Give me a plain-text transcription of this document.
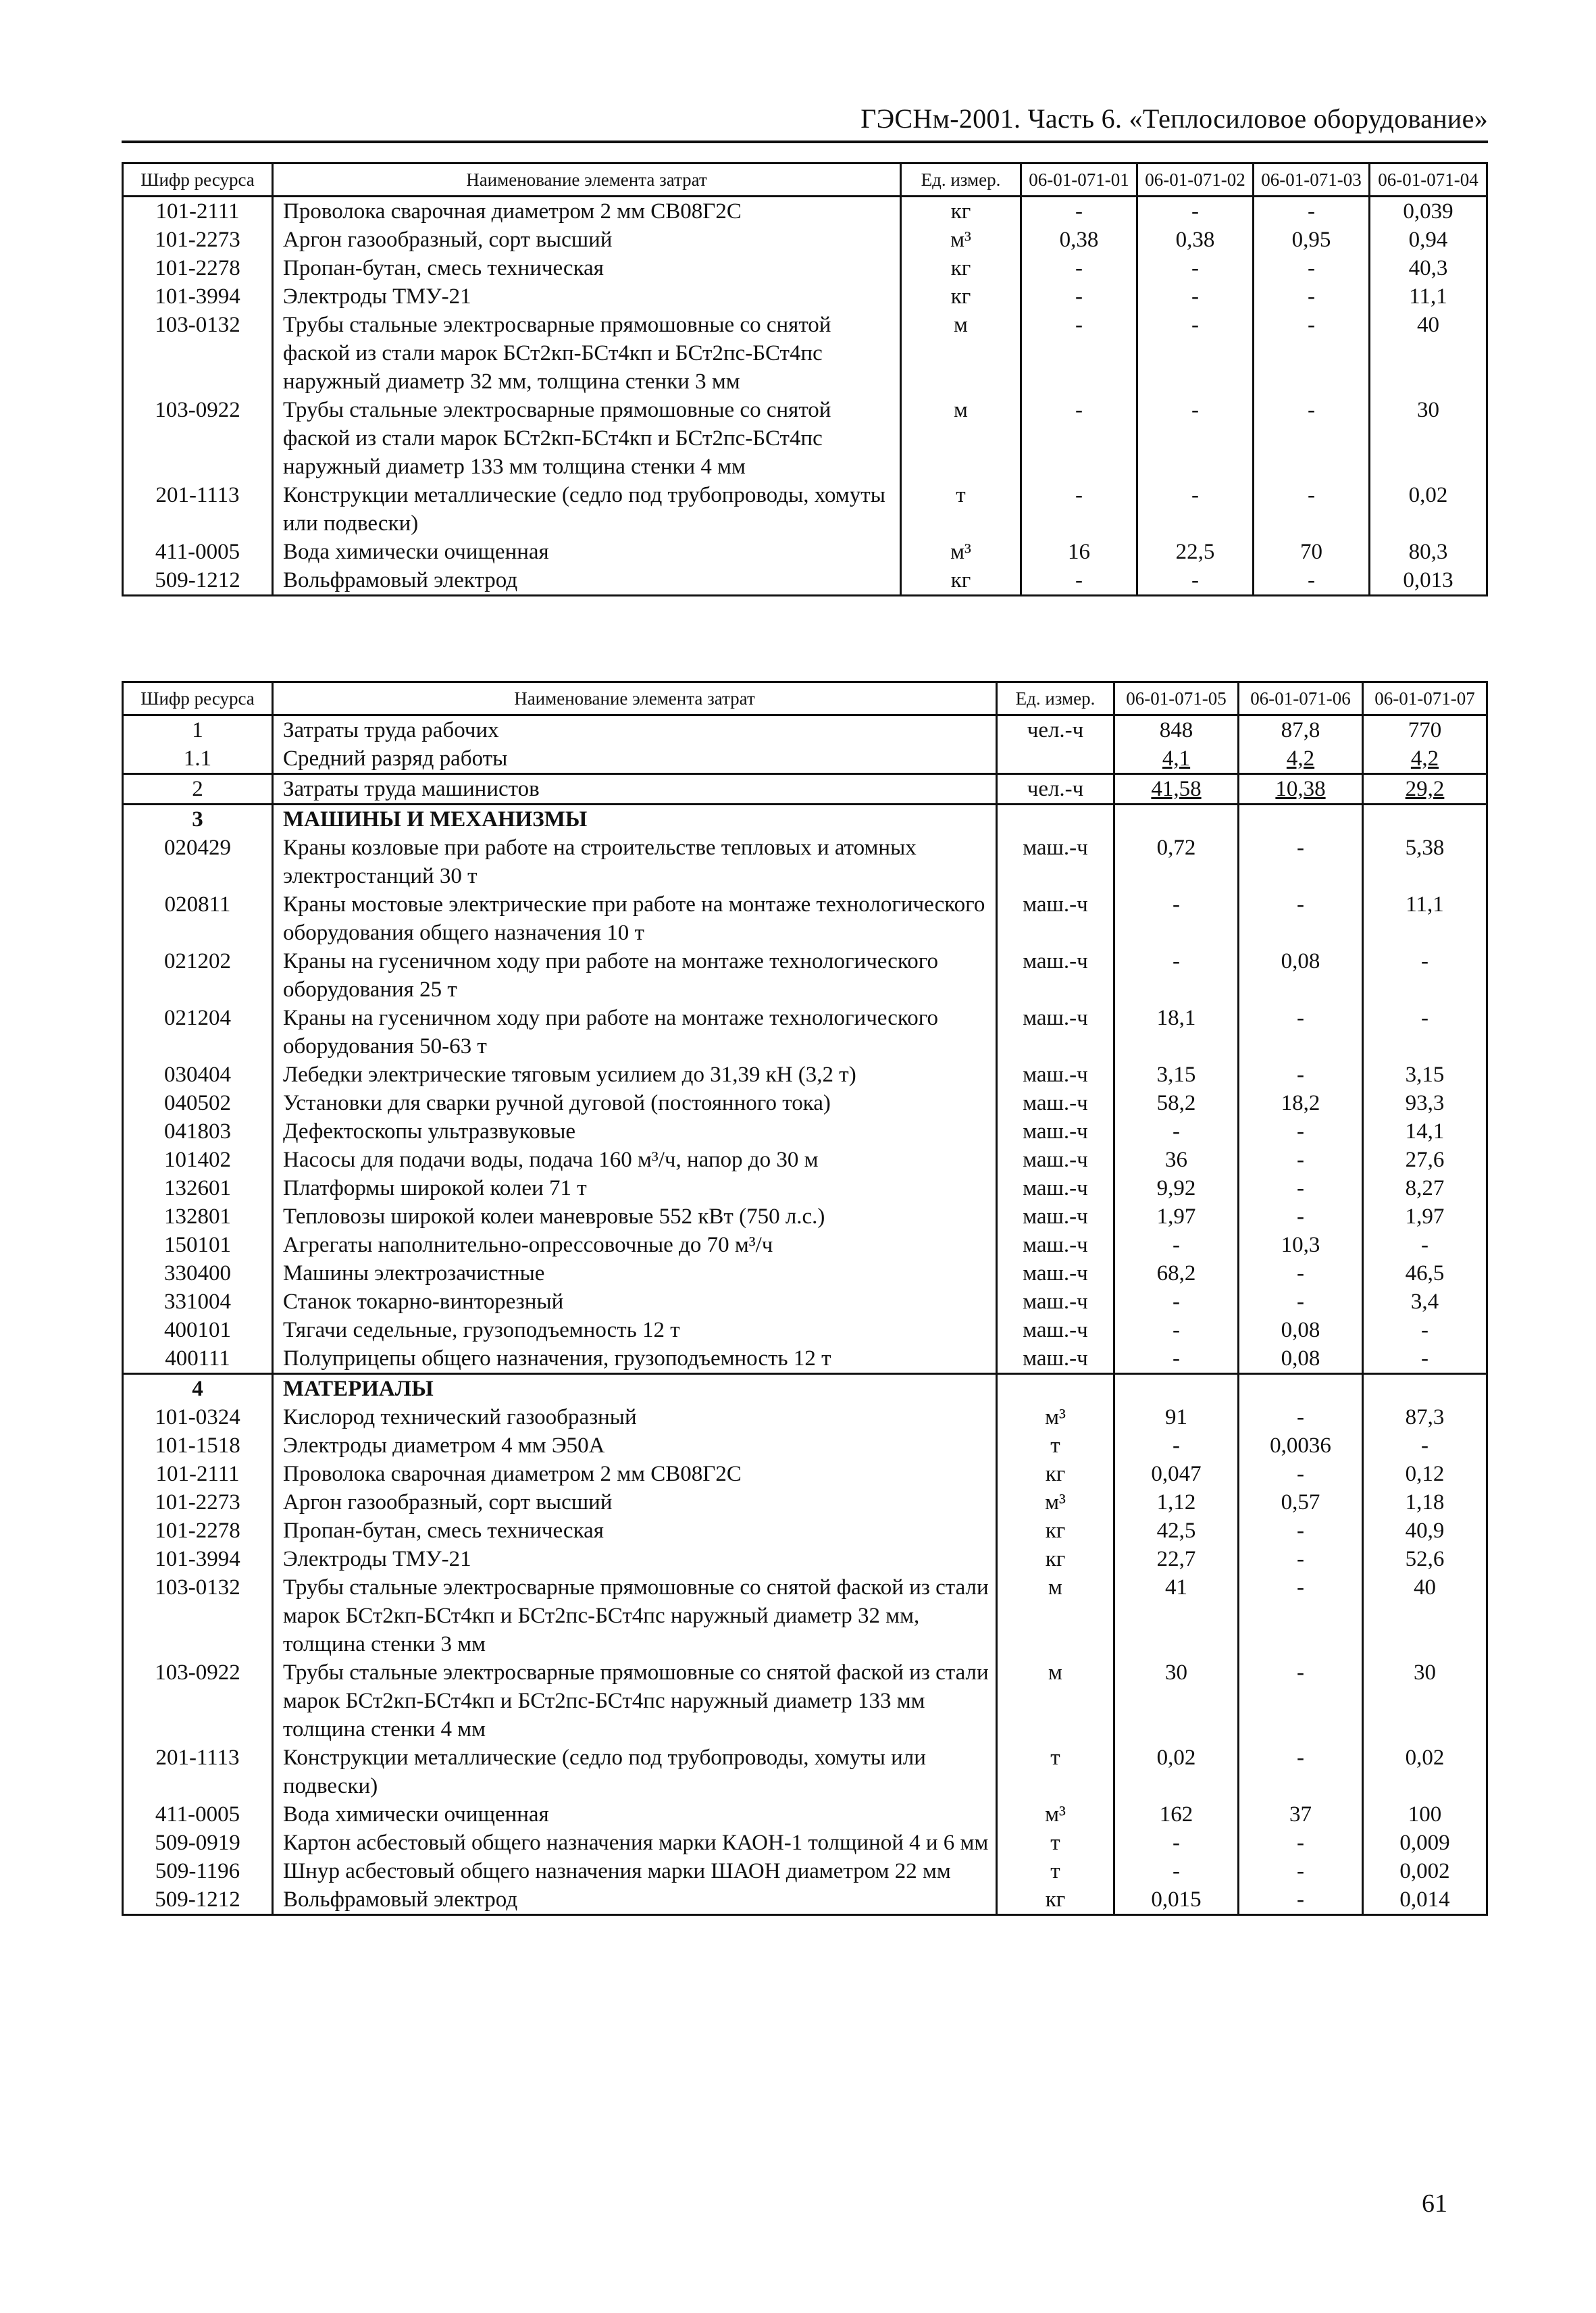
ГЭСНм-2001. Часть 6. «Теплосиловое оборудование»
Шифр ресурса	Наименование элемента затрат	Ед. измер.	06-01-071-01	06-01-071-02	06-01-071-03	06-01-071-04
101-2111	Проволока сварочная диаметром 2 мм СВ08Г2С	кг	-	-	-	0,039
101-2273	Аргон газообразный, сорт высший	м³	0,38	0,38	0,95	0,94
101-2278	Пропан-бутан, смесь техническая	кг	-	-	-	40,3
101-3994	Электроды ТМУ-21	кг	-	-	-	11,1
103-0132	Трубы стальные электросварные прямошовные со снятой фаской из стали марок БСт2кп-БСт4кп и БСт2пс-БСт4пс наружный диаметр 32 мм, толщина стенки 3 мм	м	-	-	-	40
103-0922	Трубы стальные электросварные прямошовные со снятой фаской из стали марок БСт2кп-БСт4кп и БСт2пс-БСт4пс наружный диаметр 133 мм толщина стенки 4 мм	м	-	-	-	30
201-1113	Конструкции металлические (седло под трубопроводы, хомуты или подвески)	т	-	-	-	0,02
411-0005	Вода химически очищенная	м³	16	22,5	70	80,3
509-1212	Вольфрамовый электрод	кг	-	-	-	0,013
Шифр ресурса	Наименование элемента затрат	Ед. измер.	06-01-071-05	06-01-071-06	06-01-071-07
1	Затраты труда рабочих	чел.-ч	848	87,8	770
1.1	Средний разряд работы		4,1	4,2	4,2
2	Затраты труда машинистов	чел.-ч	41,58	10,38	29,2
3	МАШИНЫ И МЕХАНИЗМЫ				
020429	Краны козловые при работе на строительстве тепловых и атомных электростанций 30 т	маш.-ч	0,72	-	5,38
020811	Краны мостовые электрические при работе на монтаже технологического оборудования общего назначения 10 т	маш.-ч	-	-	11,1
021202	Краны на гусеничном ходу при работе на монтаже технологического оборудования 25 т	маш.-ч	-	0,08	-
021204	Краны на гусеничном ходу при работе на монтаже технологического оборудования 50-63 т	маш.-ч	18,1	-	-
030404	Лебедки электрические тяговым усилием до 31,39 кН (3,2 т)	маш.-ч	3,15	-	3,15
040502	Установки для сварки ручной дуговой (постоянного тока)	маш.-ч	58,2	18,2	93,3
041803	Дефектоскопы ультразвуковые	маш.-ч	-	-	14,1
101402	Насосы для подачи воды, подача 160 м³/ч, напор до 30 м	маш.-ч	36	-	27,6
132601	Платформы широкой колеи 71 т	маш.-ч	9,92	-	8,27
132801	Тепловозы широкой колеи маневровые 552 кВт (750 л.с.)	маш.-ч	1,97	-	1,97
150101	Агрегаты наполнительно-опрессовочные до 70 м³/ч	маш.-ч	-	10,3	-
330400	Машины электрозачистные	маш.-ч	68,2	-	46,5
331004	Станок токарно-винторезный	маш.-ч	-	-	3,4
400101	Тягачи седельные, грузоподъемность 12 т	маш.-ч	-	0,08	-
400111	Полуприцепы общего назначения, грузоподъемность 12 т	маш.-ч	-	0,08	-
4	МАТЕРИАЛЫ				
101-0324	Кислород технический газообразный	м³	91	-	87,3
101-1518	Электроды диаметром 4 мм Э50А	т	-	0,0036	-
101-2111	Проволока сварочная диаметром 2 мм СВ08Г2С	кг	0,047	-	0,12
101-2273	Аргон газообразный, сорт высший	м³	1,12	0,57	1,18
101-2278	Пропан-бутан, смесь техническая	кг	42,5	-	40,9
101-3994	Электроды ТМУ-21	кг	22,7	-	52,6
103-0132	Трубы стальные электросварные прямошовные со снятой фаской из стали марок БСт2кп-БСт4кп и БСт2пс-БСт4пс наружный диаметр 32 мм, толщина стенки 3 мм	м	41	-	40
103-0922	Трубы стальные электросварные прямошовные со снятой фаской из стали марок БСт2кп-БСт4кп и БСт2пс-БСт4пс наружный диаметр 133 мм толщина стенки 4 мм	м	30	-	30
201-1113	Конструкции металлические (седло под трубопроводы, хомуты или подвески)	т	0,02	-	0,02
411-0005	Вода химически очищенная	м³	162	37	100
509-0919	Картон асбестовый общего назначения марки КАОН-1 толщиной 4 и 6 мм	т	-	-	0,009
509-1196	Шнур асбестовый общего назначения марки ШАОН диаметром 22 мм	т	-	-	0,002
509-1212	Вольфрамовый электрод	кг	0,015	-	0,014
61
